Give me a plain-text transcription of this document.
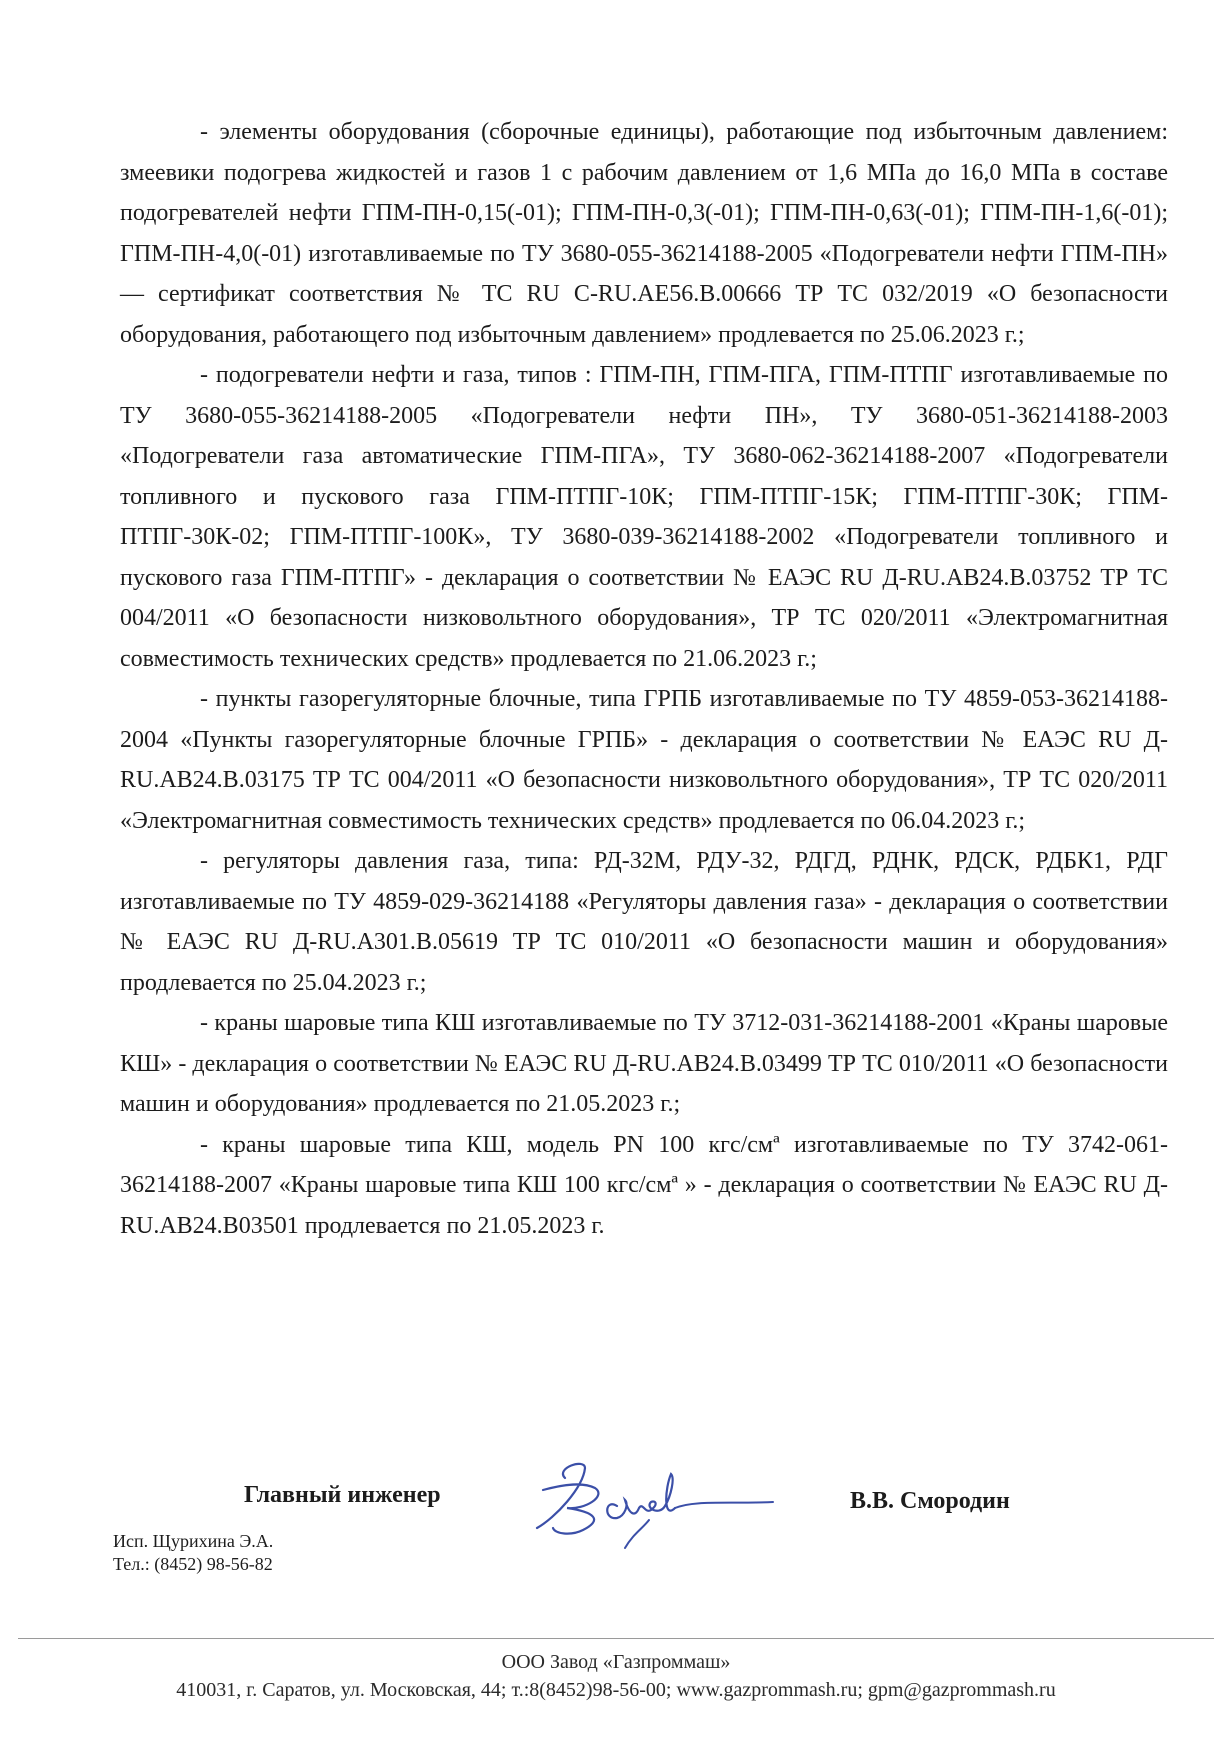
- элементы оборудования (сборочные единицы), работающие под избыточным давлением: змеевики подогрева жидкостей и газов 1 с рабочим давлением от 1,6 МПа до 16,0 МПа в составе подогревателей нефти ГПМ-ПН-0,15(-01); ГПМ-ПН-0,3(-01); ГПМ-ПН-0,63(-01); ГПМ-ПН-1,6(-01); ГПМ-ПН-4,0(-01) изготавливаемые по ТУ 3680-055-36214188-2005 «Подогреватели нефти ГПМ-ПН» — сертификат соответствия № ТС RU С-RU.АЕ56.В.00666 ТР ТС 032/2019 «О безопасности оборудования, работающего под избыточным давлением» продлевается по 25.06.2023 г.;

- подогреватели нефти и газа, типов : ГПМ-ПН, ГПМ-ПГА, ГПМ-ПТПГ изготавливаемые по ТУ 3680-055-36214188-2005 «Подогреватели нефти ПН», ТУ 3680-051-36214188-2003 «Подогреватели газа автоматические ГПМ-ПГА», ТУ 3680-062-36214188-2007 «Подогреватели топливного и пускового газа ГПМ-ПТПГ-10К; ГПМ-ПТПГ-15К; ГПМ-ПТПГ-30К; ГПМ-ПТПГ-30К-02; ГПМ-ПТПГ-100К», ТУ 3680-039-36214188-2002 «Подогреватели топливного и пускового газа ГПМ-ПТПГ» - декларация о соответствии № ЕАЭС RU Д-RU.АВ24.В.03752 ТР ТС 004/2011 «О безопасности низковольтного оборудования», ТР ТС 020/2011 «Электромагнитная совместимость технических средств» продлевается по 21.06.2023 г.;

- пункты газорегуляторные блочные, типа ГРПБ изготавливаемые по ТУ 4859-053-36214188-2004 «Пункты газорегуляторные блочные ГРПБ» - декларация о соответствии № ЕАЭС RU Д-RU.АВ24.В.03175 ТР ТС 004/2011 «О безопасности низковольтного оборудования», ТР ТС 020/2011 «Электромагнитная совместимость технических средств» продлевается по 06.04.2023 г.;

- регуляторы давления газа, типа: РД-32М, РДУ-32, РДГД, РДНК, РДСК, РДБК1, РДГ изготавливаемые по ТУ 4859-029-36214188 «Регуляторы давления газа» - декларация о соответствии № ЕАЭС RU Д-RU.А301.В.05619 ТР ТС 010/2011 «О безопасности машин и оборудования» продлевается по 25.04.2023 г.;

- краны шаровые типа КШ изготавливаемые по ТУ 3712-031-36214188-2001 «Краны шаровые КШ» - декларация о соответствии № ЕАЭС RU Д-RU.АВ24.В.03499 ТР ТС 010/2011 «О безопасности машин и оборудования» продлевается по 21.05.2023 г.;

- краны шаровые типа КШ, модель PN 100 кгс/смª изготавливаемые по ТУ 3742-061-36214188-2007 «Краны шаровые типа КШ 100 кгс/смª » - декларация о соответствии № ЕАЭС RU Д-RU.АВ24.В03501 продлевается по 21.05.2023 г.

Главный инженер	В.В. Смородин
Исп. Щурихина Э.А.
Тел.: (8452) 98-56-82
ООО Завод «Газпроммаш»
410031, г. Саратов, ул. Московская, 44; т.:8(8452)98-56-00; www.gazprommash.ru; gpm@gazprommash.ru
